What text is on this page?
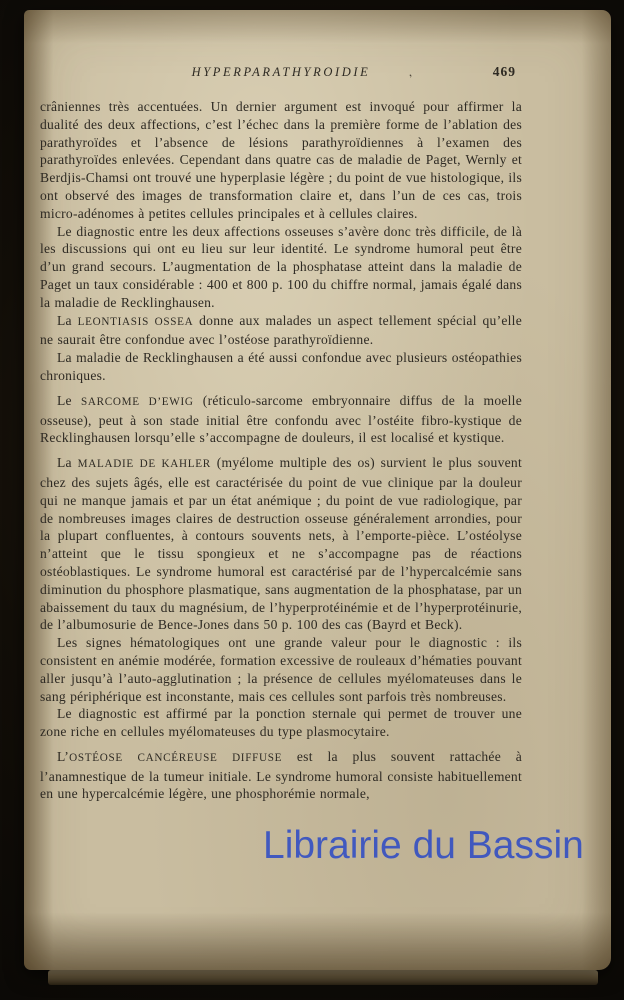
HYPERPARATHYROIDIE	,	469

crâniennes très accentuées. Un dernier argument est invoqué pour affirmer la dualité des deux affections, c’est l’échec dans la première forme de l’ablation des parathyroïdes et l’absence de lésions parathyroïdiennes à l’examen des parathyroïdes enlevées. Cependant dans quatre cas de maladie de Paget, Wernly et Berdjis-Chamsi ont trouvé une hyperplasie légère ; du point de vue histologique, ils ont observé des images de transformation claire et, dans l’un de ces cas, trois micro-adénomes à petites cellules principales et à cellules claires.

Le diagnostic entre les deux affections osseuses s’avère donc très difficile, de là les discussions qui ont eu lieu sur leur identité. Le syndrome humoral peut être d’un grand secours. L’augmentation de la phosphatase atteint dans la maladie de Paget un taux considérable : 400 et 800 p. 100 du chiffre normal, jamais égalé dans la maladie de Recklinghausen.

La LEONTIASIS OSSEA donne aux malades un aspect tellement spécial qu’elle ne saurait être confondue avec l’ostéose parathyroïdienne.

La maladie de Recklinghausen a été aussi confondue avec plusieurs ostéopathies chroniques.

Le SARCOME D’EWIG (réticulo-sarcome embryonnaire diffus de la moelle osseuse), peut à son stade initial être confondu avec l’ostéite fibro-kystique de Recklinghausen lorsqu’elle s’accompagne de douleurs, il est localisé et kystique.

La MALADIE DE KAHLER (myélome multiple des os) survient le plus souvent chez des sujets âgés, elle est caractérisée du point de vue clinique par la douleur qui ne manque jamais et par un état anémique ; du point de vue radiologique, par de nombreuses images claires de destruction osseuse généralement arrondies, pour la plupart confluentes, à contours souvents nets, à l’emporte-pièce. L’ostéolyse n’atteint que le tissu spongieux et ne s’accompagne pas de réactions ostéoblastiques. Le syndrome humoral est caractérisé par de l’hypercalcémie sans diminution du phosphore plasmatique, sans augmentation de la phosphatase, par un abaissement du taux du magnésium, de l’hyperprotéinémie et de l’hyperprotéinurie, de l’albumosurie de Bence-Jones dans 50 p. 100 des cas (Bayrd et Beck).

Les signes hématologiques ont une grande valeur pour le diagnostic : ils consistent en anémie modérée, formation excessive de rouleaux d’hématies pouvant aller jusqu’à l’auto-agglutination ; la présence de cellules myélomateuses dans le sang périphérique est inconstante, mais ces cellules sont parfois très nombreuses.

Le diagnostic est affirmé par la ponction sternale qui permet de trouver une zone riche en cellules myélomateuses du type plasmocytaire.

L’OSTÉOSE CANCÉREUSE DIFFUSE est la plus souvent rattachée à l’anamnestique de la tumeur initiale. Le syndrome humoral consiste habituellement en une hypercalcémie légère, une phosphorémie normale,

Librairie du Bassin
